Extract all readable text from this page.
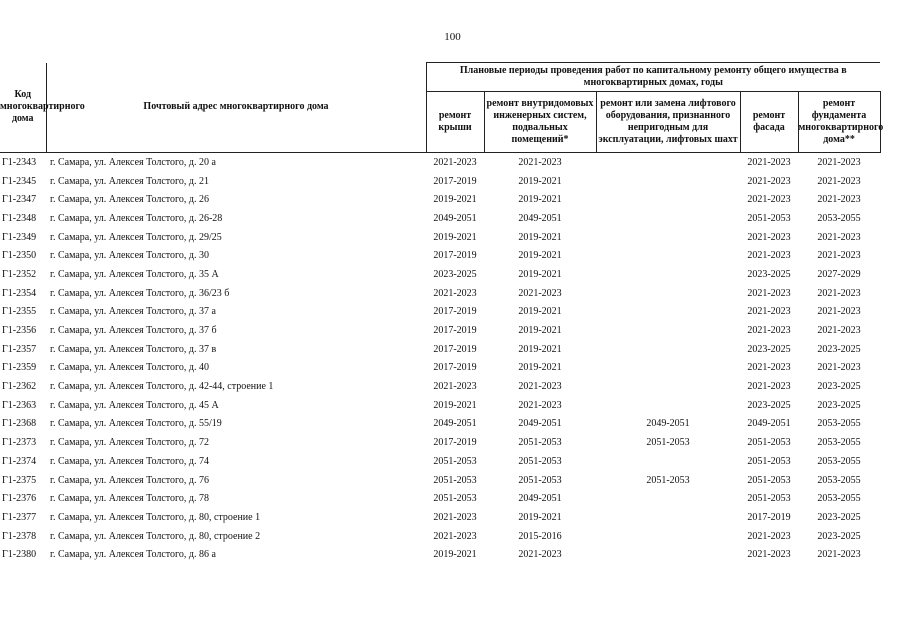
100
Код многоквартирного дома	Почтовый адрес многоквартирного дома	Плановые периоды проведения работ по капитальному ремонту общего имущества в многоквартирных домах, годы				
		ремонт крыши	ремонт внутридомовых инженерных систем, подвальных помещений*	ремонт или замена лифтового оборудования, признанного непригодным для эксплуатации, лифтовых шахт	ремонт фасада	ремонт фундамента многоквартирного дома**
Г1-2343	г. Самара, ул. Алексея Толстого, д. 20 а	2021-2023	2021-2023		2021-2023	2021-2023
Г1-2345	г. Самара, ул. Алексея Толстого, д. 21	2017-2019	2019-2021		2021-2023	2021-2023
Г1-2347	г. Самара, ул. Алексея Толстого, д. 26	2019-2021	2019-2021		2021-2023	2021-2023
Г1-2348	г. Самара, ул. Алексея Толстого, д. 26-28	2049-2051	2049-2051		2051-2053	2053-2055
Г1-2349	г. Самара, ул. Алексея Толстого, д. 29/25	2019-2021	2019-2021		2021-2023	2021-2023
Г1-2350	г. Самара, ул. Алексея Толстого, д. 30	2017-2019	2019-2021		2021-2023	2021-2023
Г1-2352	г. Самара, ул. Алексея Толстого, д. 35 А	2023-2025	2019-2021		2023-2025	2027-2029
Г1-2354	г. Самара, ул. Алексея Толстого, д. 36/23 б	2021-2023	2021-2023		2021-2023	2021-2023
Г1-2355	г. Самара, ул. Алексея Толстого, д. 37 а	2017-2019	2019-2021		2021-2023	2021-2023
Г1-2356	г. Самара, ул. Алексея Толстого, д. 37 б	2017-2019	2019-2021		2021-2023	2021-2023
Г1-2357	г. Самара, ул. Алексея Толстого, д. 37 в	2017-2019	2019-2021		2023-2025	2023-2025
Г1-2359	г. Самара, ул. Алексея Толстого, д. 40	2017-2019	2019-2021		2021-2023	2021-2023
Г1-2362	г. Самара, ул. Алексея Толстого, д. 42-44, строение 1	2021-2023	2021-2023		2021-2023	2023-2025
Г1-2363	г. Самара, ул. Алексея Толстого, д. 45 А	2019-2021	2021-2023		2023-2025	2023-2025
Г1-2368	г. Самара, ул. Алексея Толстого, д. 55/19	2049-2051	2049-2051	2049-2051	2049-2051	2053-2055
Г1-2373	г. Самара, ул. Алексея Толстого, д. 72	2017-2019	2051-2053	2051-2053	2051-2053	2053-2055
Г1-2374	г. Самара, ул. Алексея Толстого, д. 74	2051-2053	2051-2053		2051-2053	2053-2055
Г1-2375	г. Самара, ул. Алексея Толстого, д. 76	2051-2053	2051-2053	2051-2053	2051-2053	2053-2055
Г1-2376	г. Самара, ул. Алексея Толстого, д. 78	2051-2053	2049-2051		2051-2053	2053-2055
Г1-2377	г. Самара, ул. Алексея Толстого, д. 80, строение 1	2021-2023	2019-2021		2017-2019	2023-2025
Г1-2378	г. Самара, ул. Алексея Толстого, д. 80, строение 2	2021-2023	2015-2016		2021-2023	2023-2025
Г1-2380	г. Самара, ул. Алексея Толстого, д. 86 а	2019-2021	2021-2023		2021-2023	2021-2023
